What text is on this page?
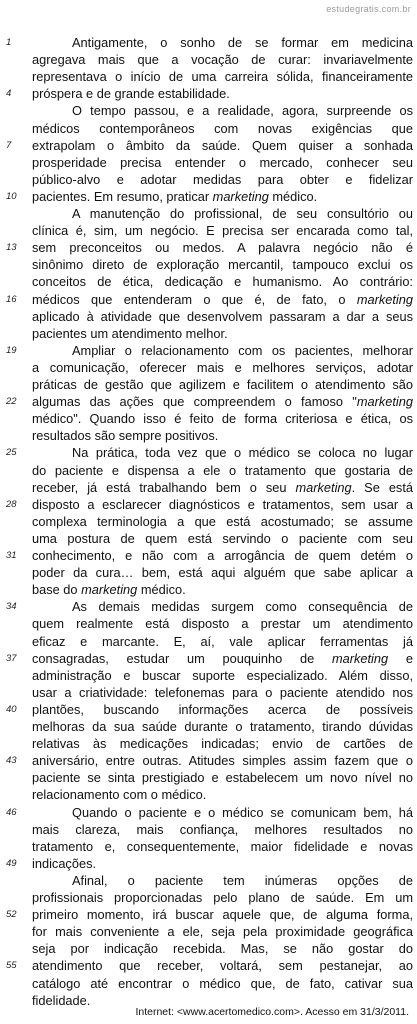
estudegratis.com.br
1	Antigamente, o sonho de se formar em medicina
agregava mais que a vocação de curar: invariavelmente
representava o início de uma carreira sólida, financeiramente
4	próspera e de grande estabilidade.
O tempo passou, e a realidade, agora, surpreende os
médicos contemporâneos com novas exigências que
7	extrapolam o âmbito da saúde. Quem quiser a sonhada
prosperidade precisa entender o mercado, conhecer seu
público-alvo e adotar medidas para obter e fidelizar
10	pacientes. Em resumo, praticar marketing médico.
A manutenção do profissional, de seu consultório ou
clínica é, sim, um negócio. E precisa ser encarada como tal,
13	sem preconceitos ou medos. A palavra negócio não é
sinônimo direto de exploração mercantil, tampouco exclui os
conceitos de ética, dedicação e humanismo. Ao contrário:
16	médicos que entenderam o que é, de fato, o marketing
aplicado à atividade que desenvolvem passaram a dar a seus
pacientes um atendimento melhor.
19	Ampliar o relacionamento com os pacientes, melhorar
a comunicação, oferecer mais e melhores serviços, adotar
práticas de gestão que agilizem e facilitem o atendimento são
22	algumas das ações que compreendem o famoso "marketing
médico". Quando isso é feito de forma criteriosa e ética, os
resultados são sempre positivos.
25	Na prática, toda vez que o médico se coloca no lugar
do paciente e dispensa a ele o tratamento que gostaria de
receber, já está trabalhando bem o seu marketing. Se está
28	disposto a esclarecer diagnósticos e tratamentos, sem usar a
complexa terminologia a que está acostumado; se assume
uma postura de quem está servindo o paciente com seu
31	conhecimento, e não com a arrogância de quem detém o
poder da cura… bem, está aqui alguém que sabe aplicar a
base do marketing médico.
34	As demais medidas surgem como consequência de
quem realmente está disposto a prestar um atendimento
eficaz e marcante. E, aí, vale aplicar ferramentas já
37	consagradas, estudar um pouquinho de marketing e
administração e buscar suporte especializado. Além disso,
usar a criatividade: telefonemas para o paciente atendido nos
40	plantões, buscando informações acerca de possíveis
melhoras da sua saúde durante o tratamento, tirando dúvidas
relativas às medicações indicadas; envio de cartões de
43	aniversário, entre outras. Atitudes simples assim fazem que o
paciente se sinta prestigiado e estabelecem um novo nível no
relacionamento com o médico.
46	Quando o paciente e o médico se comunicam bem, há
mais clareza, mais confiança, melhores resultados no
tratamento e, consequentemente, maior fidelidade e novas
49	indicações.
Afinal, o paciente tem inúmeras opções de
profissionais proporcionadas pelo plano de saúde. Em um
52	primeiro momento, irá buscar aquele que, de alguma forma,
for mais conveniente a ele, seja pela proximidade geográfica
seja por indicação recebida. Mas, se não gostar do
55	atendimento que receber, voltará, sem pestanejar, ao
catálogo até encontrar o médico que, de fato, cativar sua
fidelidade.
Internet: <www.acertomedico.com>. Acesso em 31/3/2011.
